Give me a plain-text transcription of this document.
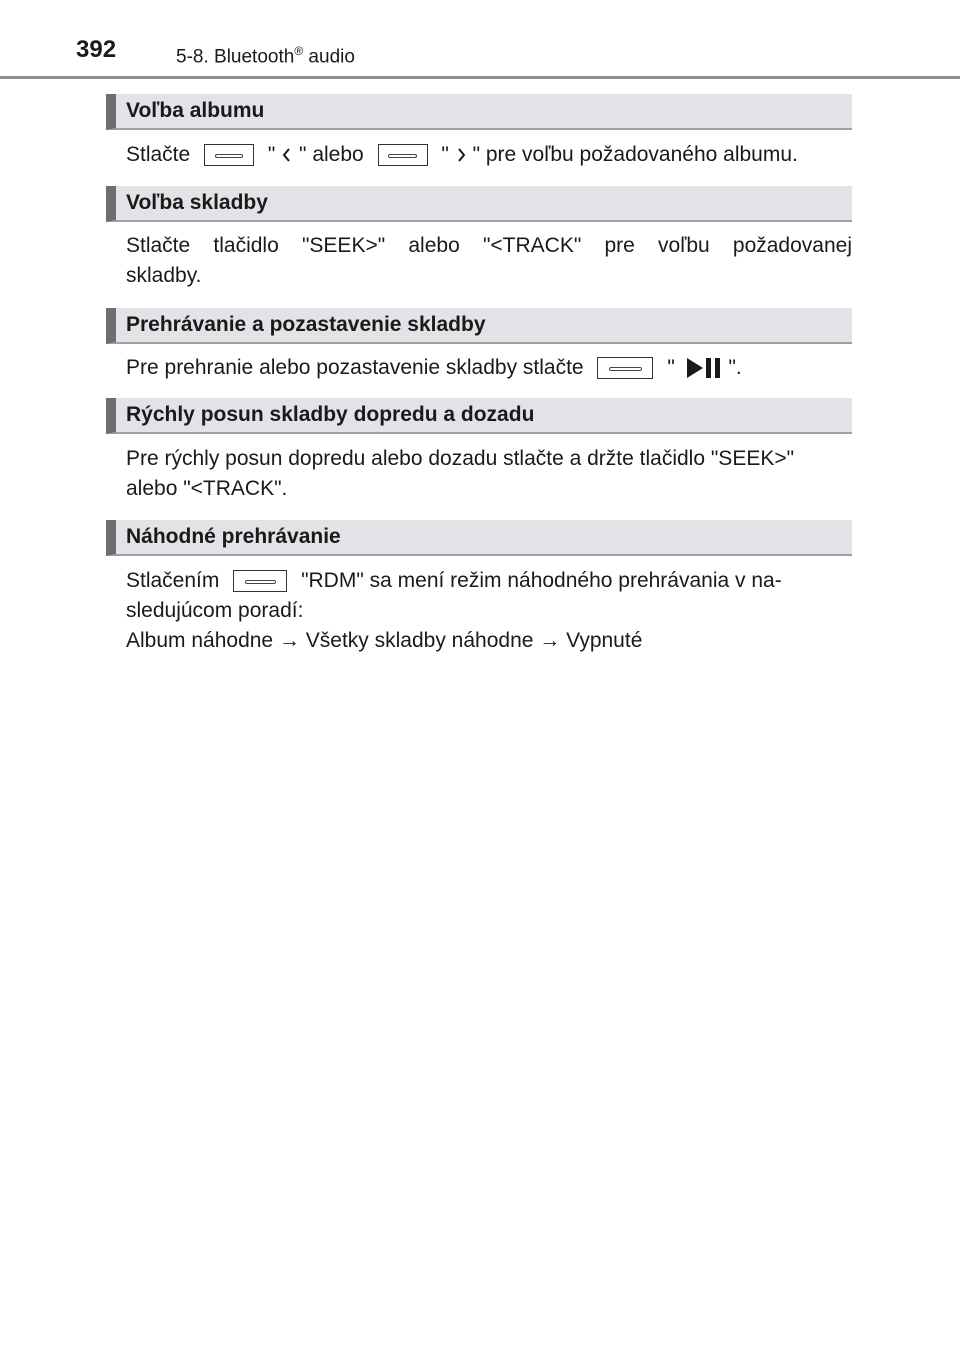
392	5-8. Bluetooth® audio
Voľba albumu
Stlačte	" " alebo	" " pre voľbu požadovaného albumu.
Voľba skladby
Stlačte tlačidlo "SEEK>" alebo "<TRACK" pre voľbu požadovanej
skladby.
Prehrávanie a pozastavenie skladby
Pre prehranie alebo pozastavenie skladby stlačte	"	".
Rýchly posun skladby dopredu a dozadu
Pre rýchly posun dopredu alebo dozadu stlačte a držte tlačidlo "SEEK>"
alebo "<TRACK".
Náhodné prehrávanie
Stlačením	"RDM" sa mení režim náhodného prehrávania v na-
sledujúcom poradí:
Album náhodne → Všetky skladby náhodne → Vypnuté
